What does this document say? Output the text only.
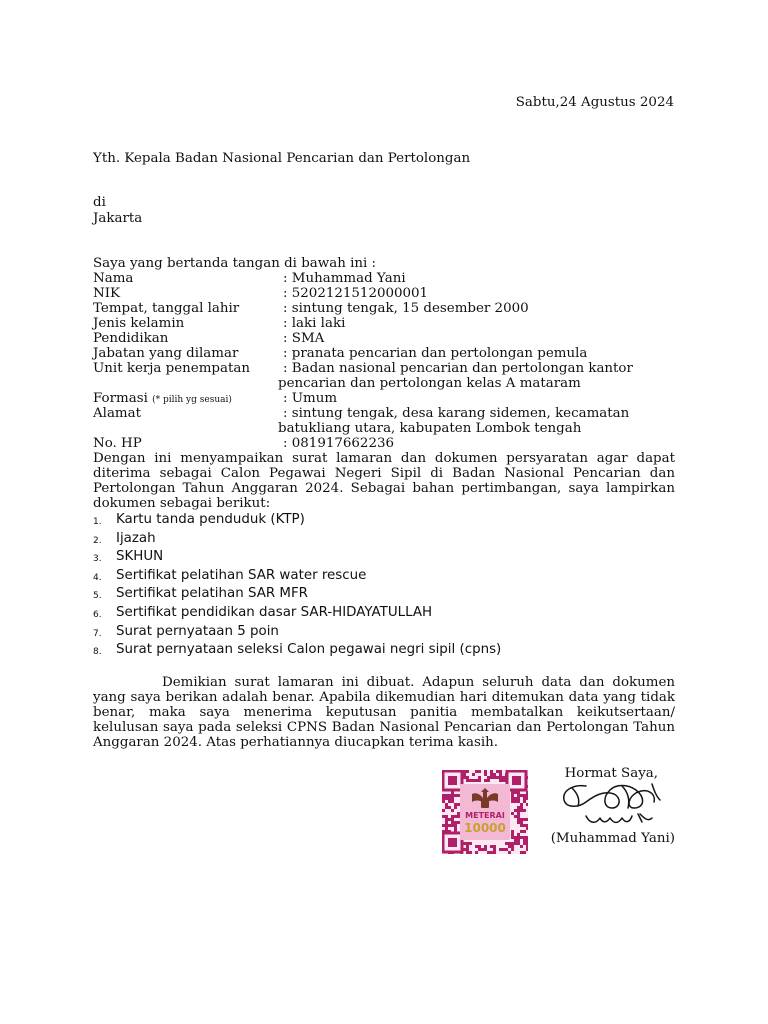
Sabtu,24 Agustus 2024
Yth. Kepala Badan Nasional Pencarian dan Pertolongan
di
Jakarta
Saya yang bertanda tangan di bawah ini :
Nama	: Muhammad Yani
NIK	: 5202121512000001
Tempat, tanggal lahir	: sintung tengak, 15 desember 2000
Jenis kelamin	: laki laki
Pendidikan	: SMA
Jabatan yang dilamar	: pranata pencarian dan pertolongan pemula
Unit kerja penempatan : Badan nasional pencarian dan pertolongan kantor
pencarian dan pertolongan kelas A mataram
Formasi (* pilih yg sesuai)	: Umum
Alamat	: sintung tengak, desa karang sidemen, kecamatan
batukliang utara, kabupaten Lombok tengah
No. HP	: 081917662236
Dengan ini menyampaikan surat lamaran dan dokumen persyaratan agar dapat diterima sebagai Calon Pegawai Negeri Sipil di Badan Nasional Pencarian dan Pertolongan Tahun Anggaran 2024. Sebagai bahan pertimbangan, saya lampirkan dokumen sebagai berikut:
1. Kartu tanda penduduk (KTP)
2. Ijazah
3. SKHUN
4. Sertifikat pelatihan SAR water rescue
5. Sertifikat pelatihan SAR MFR
6. Sertifikat pendidikan dasar SAR-HIDAYATULLAH
7. Surat pernyataan 5 poin
8. Surat pernyataan seleksi Calon pegawai negri sipil (cpns)
Demikian surat lamaran ini dibuat. Adapun seluruh data dan dokumen yang saya berikan adalah benar. Apabila dikemudian hari ditemukan data yang tidak benar, maka saya menerima keputusan panitia membatalkan keikutsertaan/ kelulusan saya pada seleksi CPNS Badan Nasional Pencarian dan Pertolongan Tahun Anggaran 2024. Atas perhatiannya diucapkan terima kasih.
Hormat Saya,
(Muhammad Yani)
METERAI
10000
